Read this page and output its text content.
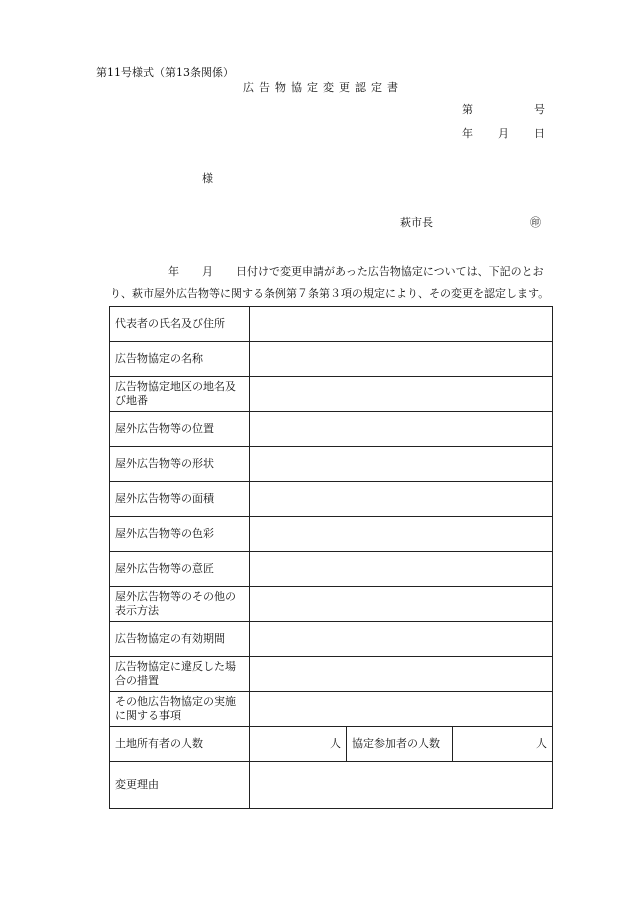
第11号様式（第13条関係）
広告物協定変更認定書
第	号
年 月 日
様
萩市長	㊞
年 月 日付けで変更申請があった広告物協定については、下記のとお
り、萩市屋外広告物等に関する条例第７条第３項の規定により、その変更を認定します。
代表者の氏名及び住所			
広告物協定の名称			
広告物協定地区の地名及び地番			
屋外広告物等の位置			
屋外広告物等の形状			
屋外広告物等の面積			
屋外広告物等の色彩			
屋外広告物等の意匠			
屋外広告物等のその他の表示方法			
広告物協定の有効期間			
広告物協定に違反した場合の措置			
その他広告物協定の実施に関する事項			
土地所有者の人数	人	協定参加者の人数	人
変更理由			
